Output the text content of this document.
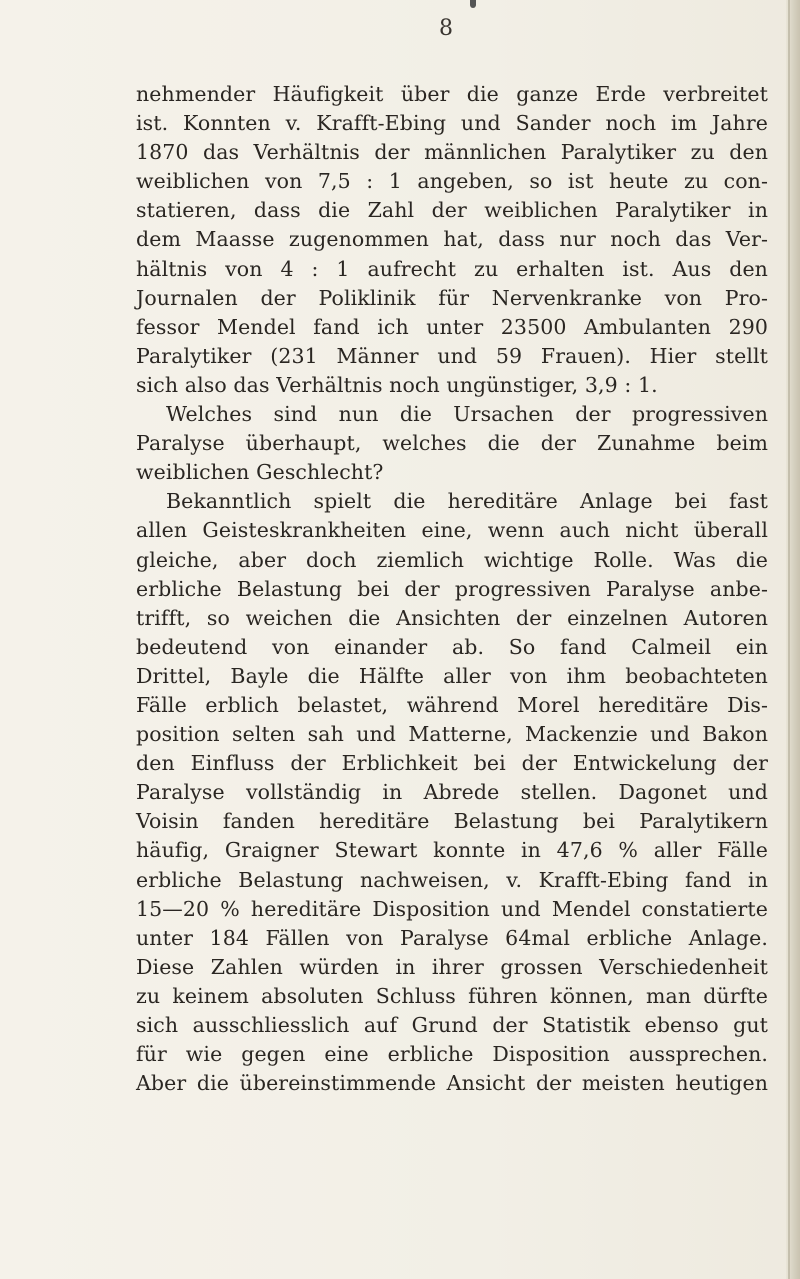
8
nehmender Häufigkeit über die ganze Erde verbreitet
ist. Konnten v. Krafft-Ebing und Sander noch im Jahre
1870 das Verhältnis der männlichen Paralytiker zu den
weiblichen von 7,5 : 1 angeben, so ist heute zu con-
statieren, dass die Zahl der weiblichen Paralytiker in
dem Maasse zugenommen hat, dass nur noch das Ver-
hältnis von 4 : 1 aufrecht zu erhalten ist. Aus den
Journalen der Poliklinik für Nervenkranke von Pro-
fessor Mendel fand ich unter 23500 Ambulanten 290
Paralytiker (231 Männer und 59 Frauen). Hier stellt
sich also das Verhältnis noch ungünstiger, 3,9 : 1.
Welches sind nun die Ursachen der progressiven
Paralyse überhaupt, welches die der Zunahme beim
weiblichen Geschlecht?
Bekanntlich spielt die hereditäre Anlage bei fast
allen Geisteskrankheiten eine, wenn auch nicht überall
gleiche, aber doch ziemlich wichtige Rolle. Was die
erbliche Belastung bei der progressiven Paralyse anbe-
trifft, so weichen die Ansichten der einzelnen Autoren
bedeutend von einander ab. So fand Calmeil ein
Drittel, Bayle die Hälfte aller von ihm beobachteten
Fälle erblich belastet, während Morel hereditäre Dis-
position selten sah und Matterne, Mackenzie und Bakon
den Einfluss der Erblichkeit bei der Entwickelung der
Paralyse vollständig in Abrede stellen. Dagonet und
Voisin fanden hereditäre Belastung bei Paralytikern
häufig, Graigner Stewart konnte in 47,6 % aller Fälle
erbliche Belastung nachweisen, v. Krafft-Ebing fand in
15—20 % hereditäre Disposition und Mendel constatierte
unter 184 Fällen von Paralyse 64mal erbliche Anlage.
Diese Zahlen würden in ihrer grossen Verschiedenheit
zu keinem absoluten Schluss führen können, man dürfte
sich ausschliesslich auf Grund der Statistik ebenso gut
für wie gegen eine erbliche Disposition aussprechen.
Aber die übereinstimmende Ansicht der meisten heutigen
